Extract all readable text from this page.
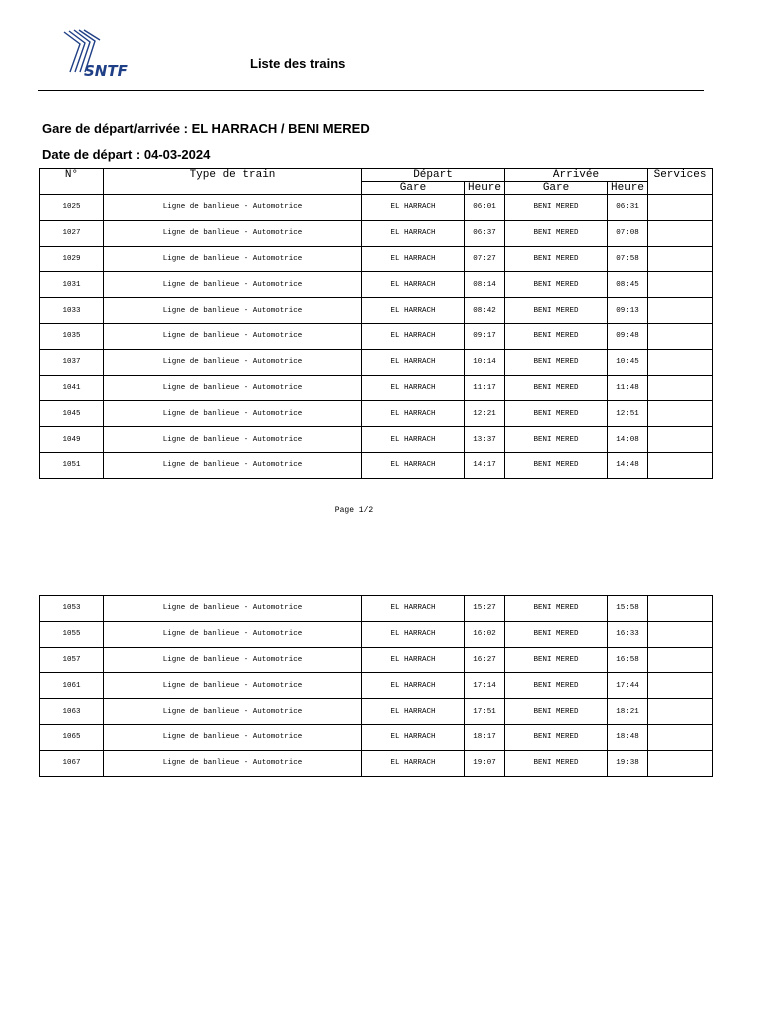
SNTF	Liste des trains
Gare de départ/arrivée : EL HARRACH / BENI MERED
Date de départ : 04-03-2024
N°	Type de train	Départ		Arrivée		Services
		Gare	Heure	Gare	Heure	
1025	Ligne de banlieue - Automotrice	EL HARRACH	06:01	BENI MERED	06:31	
1027	Ligne de banlieue - Automotrice	EL HARRACH	06:37	BENI MERED	07:08	
1029	Ligne de banlieue - Automotrice	EL HARRACH	07:27	BENI MERED	07:58	
1031	Ligne de banlieue - Automotrice	EL HARRACH	08:14	BENI MERED	08:45	
1033	Ligne de banlieue - Automotrice	EL HARRACH	08:42	BENI MERED	09:13	
1035	Ligne de banlieue - Automotrice	EL HARRACH	09:17	BENI MERED	09:48	
1037	Ligne de banlieue - Automotrice	EL HARRACH	10:14	BENI MERED	10:45	
1041	Ligne de banlieue - Automotrice	EL HARRACH	11:17	BENI MERED	11:48	
1045	Ligne de banlieue - Automotrice	EL HARRACH	12:21	BENI MERED	12:51	
1049	Ligne de banlieue - Automotrice	EL HARRACH	13:37	BENI MERED	14:08	
1051	Ligne de banlieue - Automotrice	EL HARRACH	14:17	BENI MERED	14:48	
Page 1/2
1053	Ligne de banlieue - Automotrice	EL HARRACH	15:27	BENI MERED	15:58	
1055	Ligne de banlieue - Automotrice	EL HARRACH	16:02	BENI MERED	16:33	
1057	Ligne de banlieue - Automotrice	EL HARRACH	16:27	BENI MERED	16:58	
1061	Ligne de banlieue - Automotrice	EL HARRACH	17:14	BENI MERED	17:44	
1063	Ligne de banlieue - Automotrice	EL HARRACH	17:51	BENI MERED	18:21	
1065	Ligne de banlieue - Automotrice	EL HARRACH	18:17	BENI MERED	18:48	
1067	Ligne de banlieue - Automotrice	EL HARRACH	19:07	BENI MERED	19:38	
